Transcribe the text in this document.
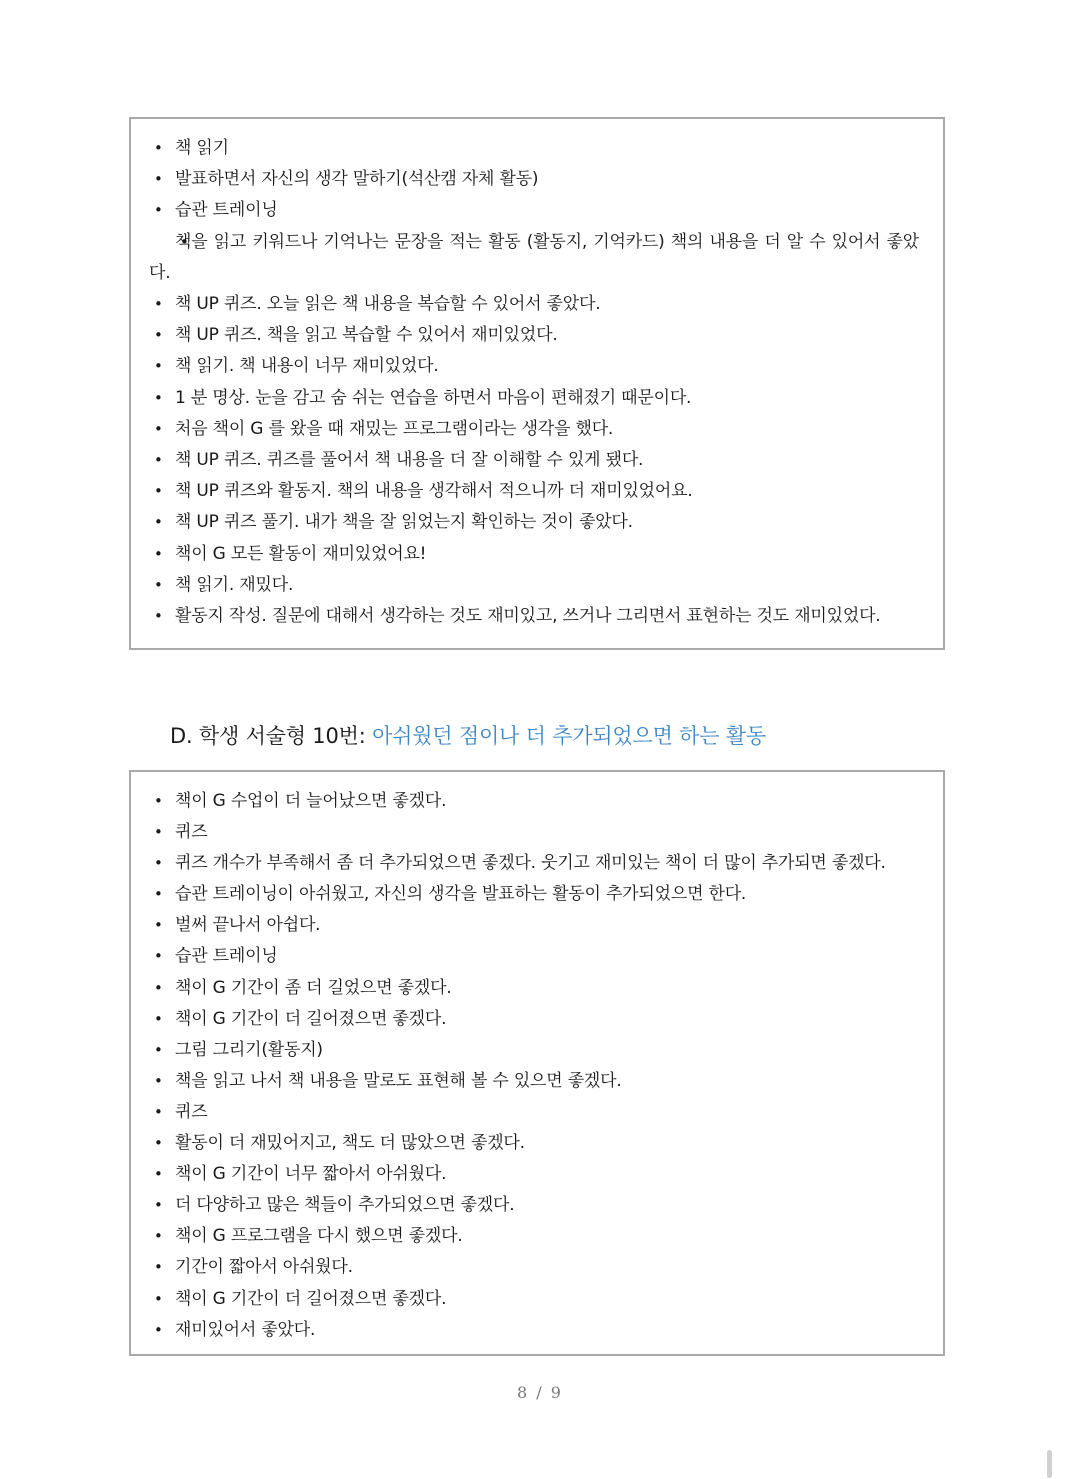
• 책 읽기
• 발표하면서 자신의 생각 말하기(석산캠 자체 활동)
• 습관 트레이닝
• 책을 읽고 키워드나 기억나는 문장을 적는 활동 (활동지, 기억카드) 책의 내용을 더 알 수 있어서 좋았다.
• 책 UP 퀴즈. 오늘 읽은 책 내용을 복습할 수 있어서 좋았다.
• 책 UP 퀴즈. 책을 읽고 복습할 수 있어서 재미있었다.
• 책 읽기. 책 내용이 너무 재미있었다.
• 1 분 명상. 눈을 감고 숨 쉬는 연습을 하면서 마음이 편해졌기 때문이다.
• 처음 책이 G 를 왔을 때 재밌는 프로그램이라는 생각을 했다.
• 책 UP 퀴즈. 퀴즈를 풀어서 책 내용을 더 잘 이해할 수 있게 됐다.
• 책 UP 퀴즈와 활동지. 책의 내용을 생각해서 적으니까 더 재미있었어요.
• 책 UP 퀴즈 풀기. 내가 책을 잘 읽었는지 확인하는 것이 좋았다.
• 책이 G 모든 활동이 재미있었어요!
• 책 읽기. 재밌다.
• 활동지 작성. 질문에 대해서 생각하는 것도 재미있고, 쓰거나 그리면서 표현하는 것도 재미있었다.
D. 학생 서술형 10번: 아쉬웠던 점이나 더 추가되었으면 하는 활동
• 책이 G 수업이 더 늘어났으면 좋겠다.
• 퀴즈
• 퀴즈 개수가 부족해서 좀 더 추가되었으면 좋겠다. 웃기고 재미있는 책이 더 많이 추가되면 좋겠다.
• 습관 트레이닝이 아쉬웠고, 자신의 생각을 발표하는 활동이 추가되었으면 한다.
• 벌써 끝나서 아쉽다.
• 습관 트레이닝
• 책이 G 기간이 좀 더 길었으면 좋겠다.
• 책이 G 기간이 더 길어졌으면 좋겠다.
• 그림 그리기(활동지)
• 책을 읽고 나서 책 내용을 말로도 표현해 볼 수 있으면 좋겠다.
• 퀴즈
• 활동이 더 재밌어지고, 책도 더 많았으면 좋겠다.
• 책이 G 기간이 너무 짧아서 아쉬웠다.
• 더 다양하고 많은 책들이 추가되었으면 좋겠다.
• 책이 G 프로그램을 다시 했으면 좋겠다.
• 기간이 짧아서 아쉬웠다.
• 책이 G 기간이 더 길어졌으면 좋겠다.
• 재미있어서 좋았다.
8 / 9
